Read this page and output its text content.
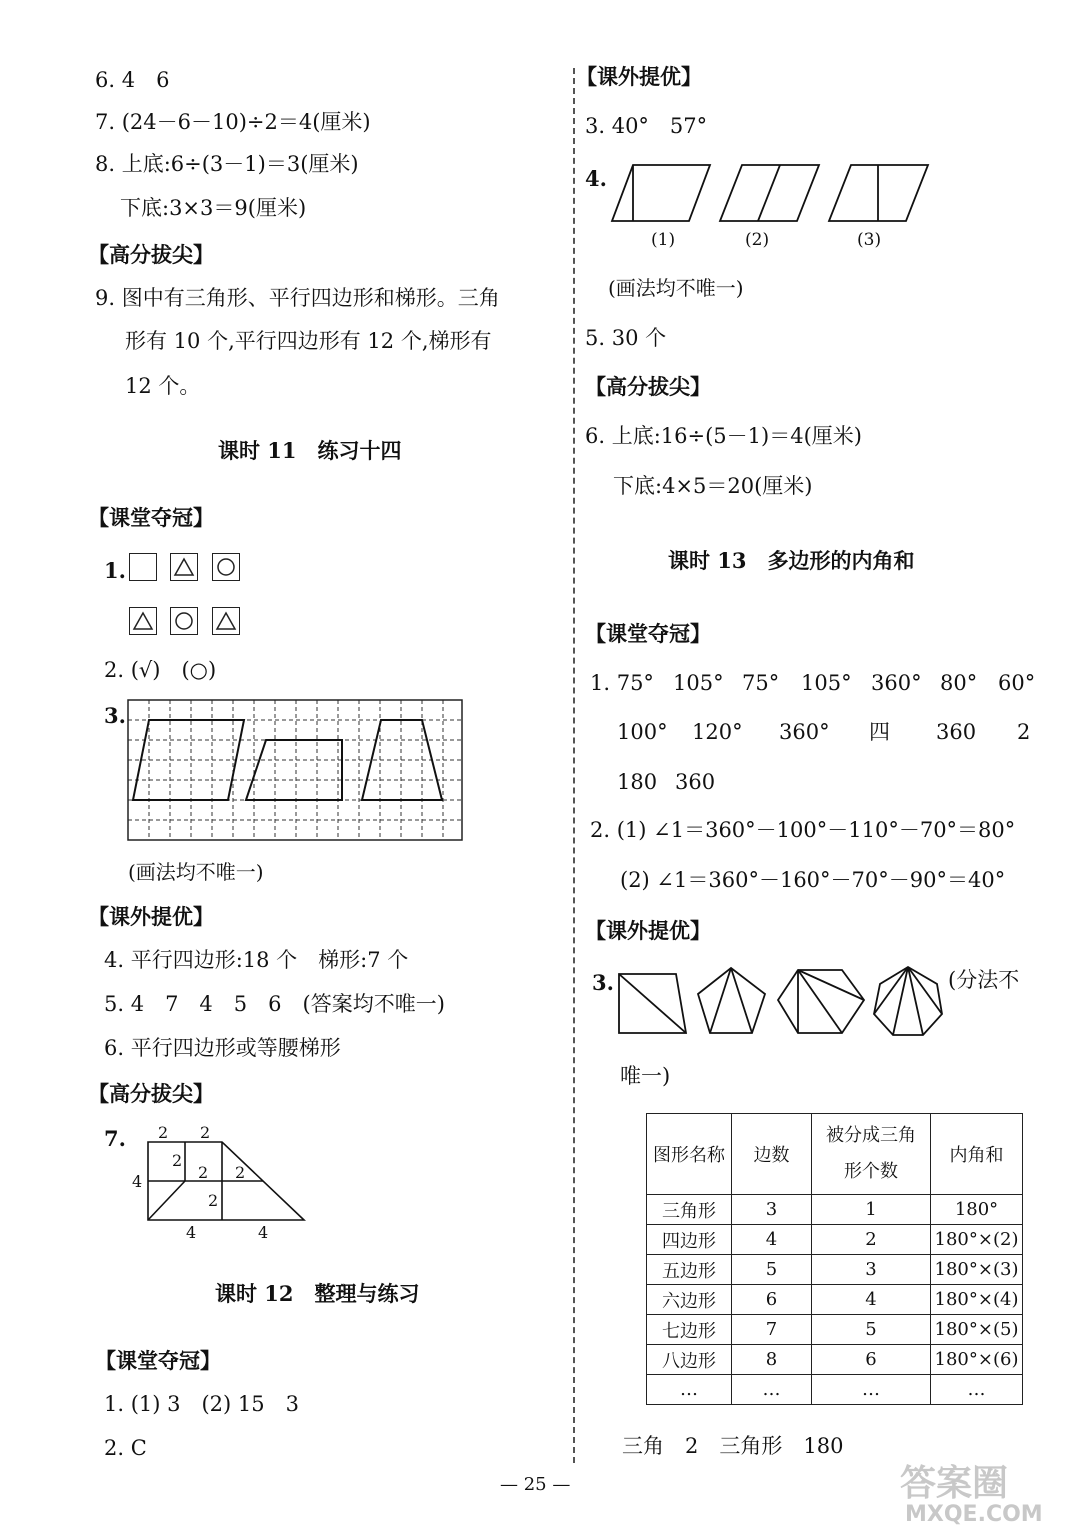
6. 4　6
7. (24－6－10)÷2＝4(厘米)
8. 上底:6÷(3－1)＝3(厘米)
下底:3×3＝9(厘米)
【高分拔尖】
9. 图中有三角形、平行四边形和梯形。三角
形有 10 个,平行四边形有 12 个,梯形有
12 个。
课时 11　练习十四
【课堂夺冠】
1.
2. (√)　(○)
3.
(画法均不唯一)
【课外提优】
4. 平行四边形:18 个　梯形:7 个
5. 4　7　4　5　6　(答案均不唯一)
6. 平行四边形或等腰梯形
【高分拔尖】
7. 2 2
4
2
2 2
2
4	4
课时 12　整理与练习
【课堂夺冠】
1. (1) 3　(2) 15　3
2. C
【课外提优】
3. 40°　57°
4.
(1)	(2)	(3)
(画法均不唯一)
5. 30 个
【高分拔尖】
6. 上底:16÷(5－1)＝4(厘米)
下底:4×5＝20(厘米)
课时 13　多边形的内角和
【课堂夺冠】
1. 75° 105° 75° 105° 360° 80° 60°
100° 120° 360° 四 360 2
180 360
2. (1) ∠1＝360°－100°－110°－70°＝80°
(2) ∠1＝360°－160°－70°－90°＝40°
【课外提优】
3.	(分法不
唯一)
图形名称	边数	被分成三角形个数	内角和
三角形	3	1	180°
四边形	4	2	180°×(2)
五边形	5	3	180°×(3)
六边形	6	4	180°×(4)
七边形	7	5	180°×(5)
八边形	8	6	180°×(6)
…	…	…	…
三角　2　三角形　180
— 25 —	答案圈
MXQE.COM
